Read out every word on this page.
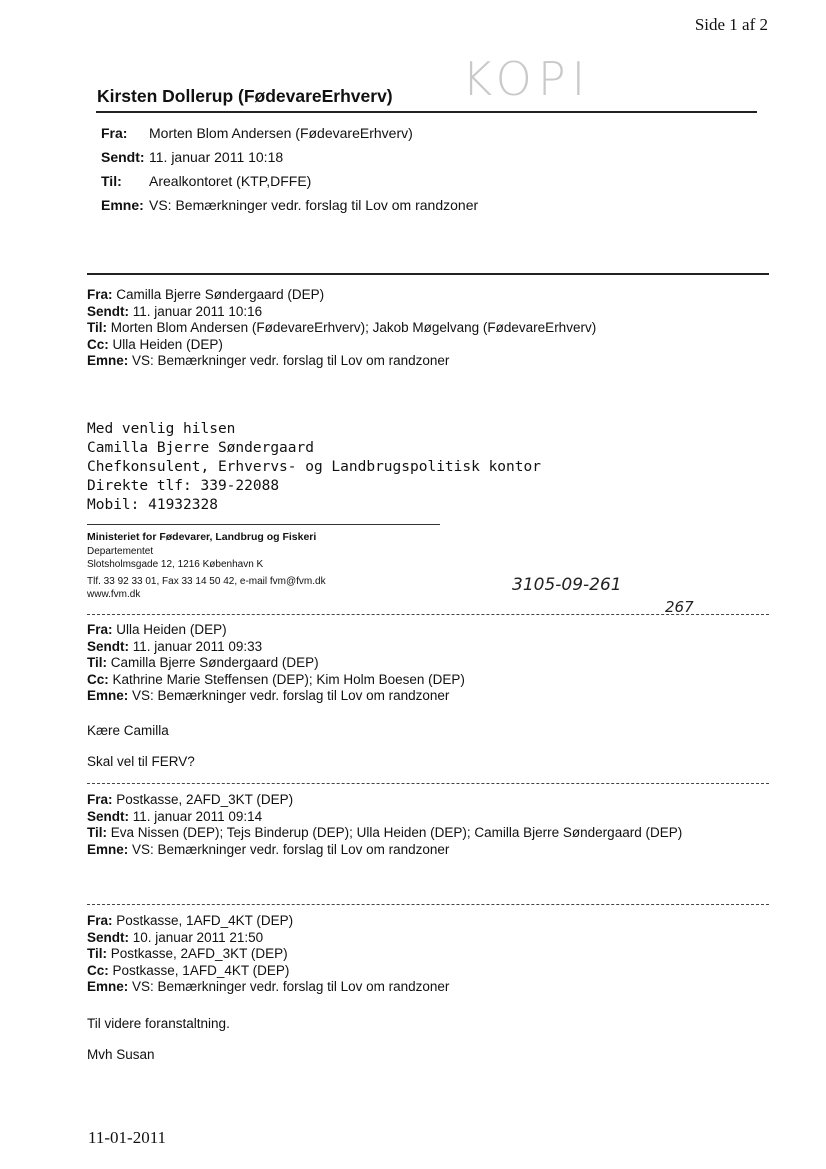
Side 1 af 2
KOPI
Kirsten Dollerup (FødevareErhverv)
Fra: Morten Blom Andersen (FødevareErhverv)
Sendt: 11. januar 2011 10:18
Til: Arealkontoret (KTP,DFFE)
Emne: VS: Bemærkninger vedr. forslag til Lov om randzoner
Fra: Camilla Bjerre Søndergaard (DEP)
Sendt: 11. januar 2011 10:16
Til: Morten Blom Andersen (FødevareErhverv); Jakob Møgelvang (FødevareErhverv)
Cc: Ulla Heiden (DEP)
Emne: VS: Bemærkninger vedr. forslag til Lov om randzoner
Med venlig hilsen
Camilla Bjerre Søndergaard
Chefkonsulent, Erhvervs- og Landbrugspolitisk kontor
Direkte tlf: 339-22088
Mobil: 41932328
Ministeriet for Fødevarer, Landbrug og Fiskeri
Departementet
Slotsholmsgade 12, 1216 København K
Tlf. 33 92 33 01, Fax 33 14 50 42, e-mail fvm@fvm.dk
www.fvm.dk	3105-09-261
267
Fra: Ulla Heiden (DEP)
Sendt: 11. januar 2011 09:33
Til: Camilla Bjerre Søndergaard (DEP)
Cc: Kathrine Marie Steffensen (DEP); Kim Holm Boesen (DEP)
Emne: VS: Bemærkninger vedr. forslag til Lov om randzoner
Kære Camilla
Skal vel til FERV?
Fra: Postkasse, 2AFD_3KT (DEP)
Sendt: 11. januar 2011 09:14
Til: Eva Nissen (DEP); Tejs Binderup (DEP); Ulla Heiden (DEP); Camilla Bjerre Søndergaard (DEP)
Emne: VS: Bemærkninger vedr. forslag til Lov om randzoner
Fra: Postkasse, 1AFD_4KT (DEP)
Sendt: 10. januar 2011 21:50
Til: Postkasse, 2AFD_3KT (DEP)
Cc: Postkasse, 1AFD_4KT (DEP)
Emne: VS: Bemærkninger vedr. forslag til Lov om randzoner
Til videre foranstaltning.
Mvh Susan
11-01-2011
